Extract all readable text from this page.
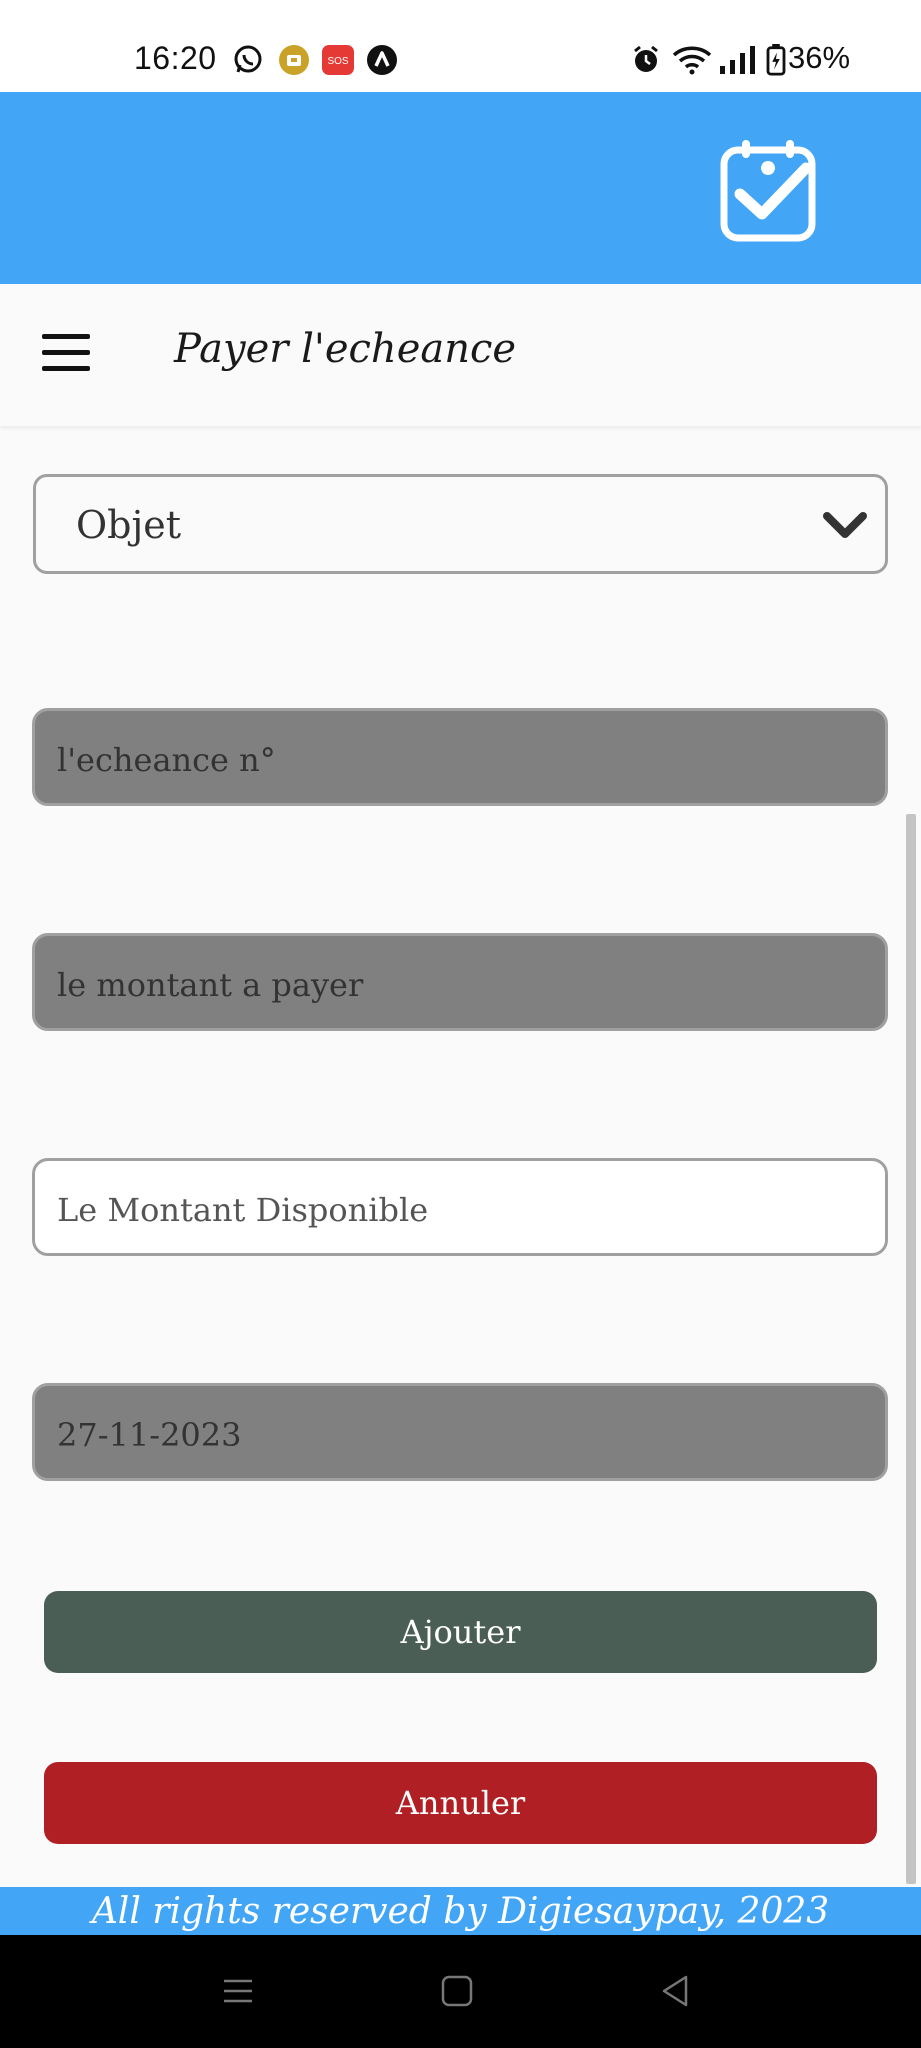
16:20	SOS	36%
Payer l'echeance
Objet
l'echeance n°
le montant a payer
Le Montant Disponible
27-11-2023
Ajouter
Annuler
All rights reserved by Digiesaypay, 2023
